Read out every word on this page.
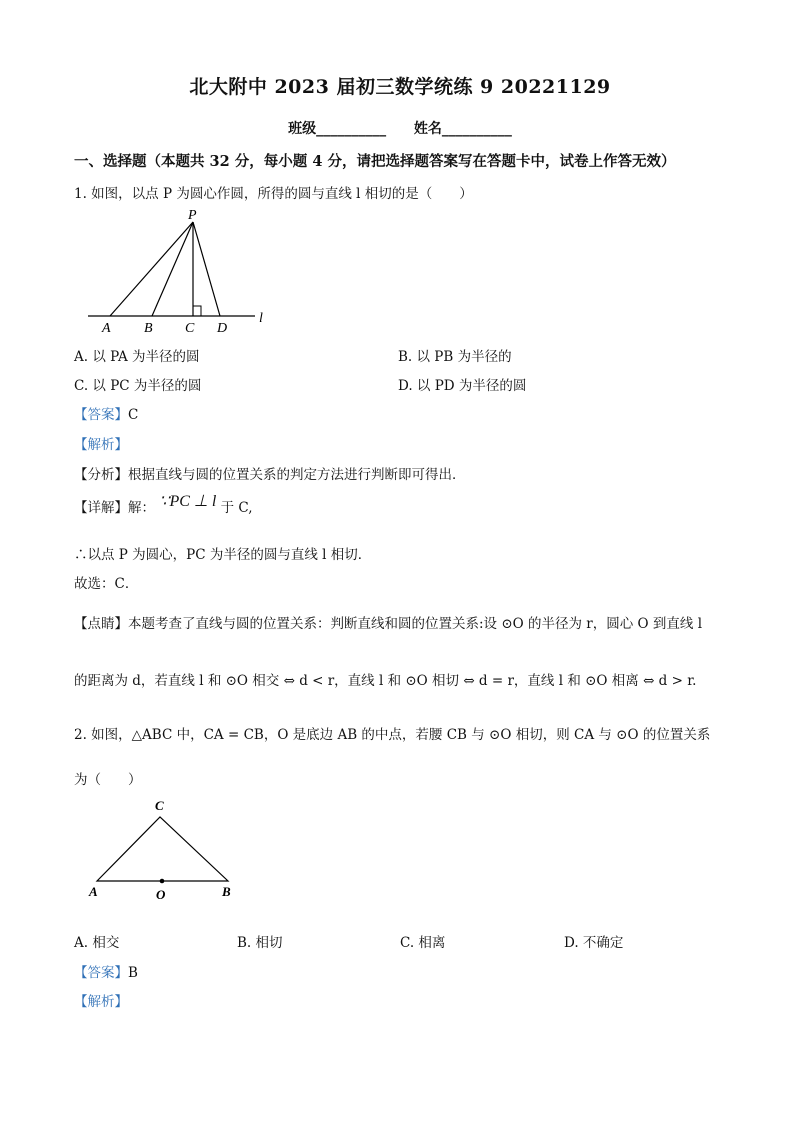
北大附中 2023 届初三数学统练 9 20221129
班级__________ 姓名__________
一、选择题（本题共 32 分，每小题 4 分，请把选择题答案写在答题卡中，试卷上作答无效）
1. 如图，以点 P 为圆心作圆，所得的圆与直线 l 相切的是（　　）
P
A B C D
l
A. 以 PA 为半径的圆	B. 以 PB 为半径的
C. 以 PC 为半径的圆	D. 以 PD 为半径的圆
【答案】C
【解析】
【分析】根据直线与圆的位置关系的判定方法进行判断即可得出．
【详解】解： ∵PC ⊥ l 于 C,
∴以点 P 为圆心，PC 为半径的圆与直线 l 相切．
故选：C．
【点睛】本题考查了直线与圆的位置关系：判断直线和圆的位置关系:设 ⊙O 的半径为 r，圆心 O 到直线 l
的距离为 d，若直线 l 和 ⊙O 相交 ⇔ d < r，直线 l 和 ⊙O 相切 ⇔ d = r，直线 l 和 ⊙O 相离 ⇔ d > r.
2. 如图，△ABC 中，CA = CB，O 是底边 AB 的中点，若腰 CB 与 ⊙O 相切，则 CA 与 ⊙O 的位置关系
为（　　）
C
A	O	B
A. 相交	B. 相切	C. 相离	D. 不确定
【答案】B
【解析】
